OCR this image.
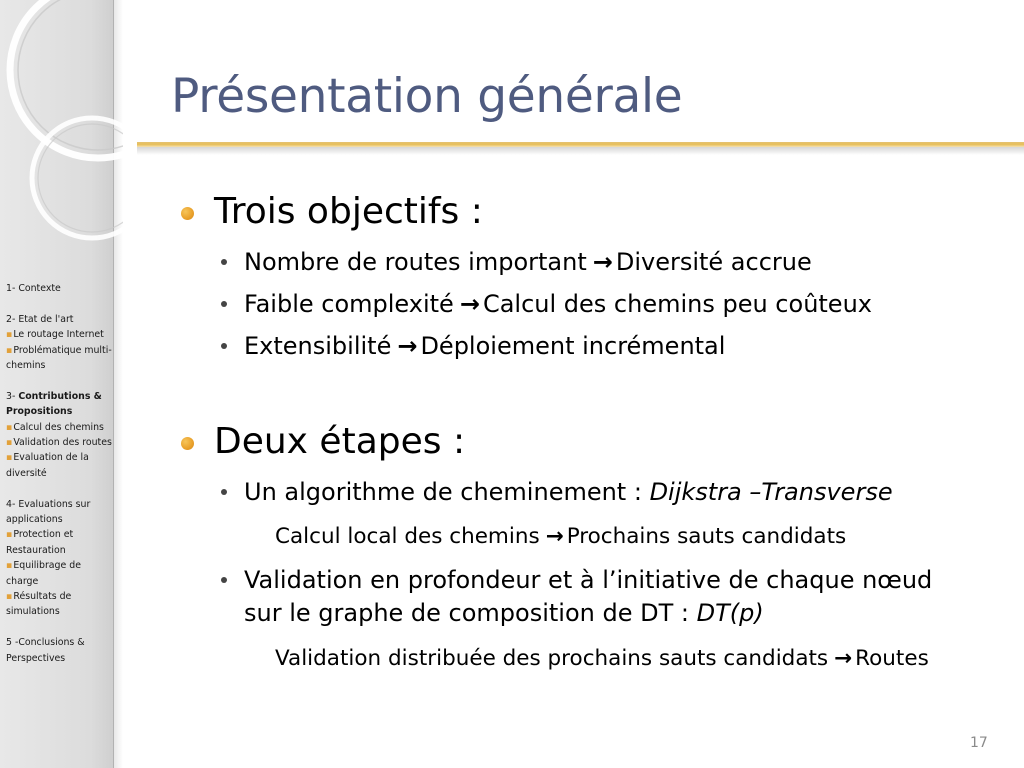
1- Contexte
2- Etat de l'art
▪Le routage Internet
▪Problématique multi-chemins
3- Contributions & Propositions
▪Calcul des chemins
▪Validation des routes
▪Evaluation de la diversité
4- Evaluations sur applications
▪Protection et Restauration
▪Equilibrage de charge
▪Résultats de simulations
5 -Conclusions & Perspectives
Présentation générale

Trois objectifs :

Nombre de routes important → Diversité accrue

Faible complexité → Calcul des chemins peu coûteux

Extensibilité → Déploiement incrémental

Deux étapes :

Un algorithme de cheminement : Dijkstra –Transverse

Calcul local des chemins → Prochains sauts candidats

Validation en profondeur et à l’initiative de chaque nœud

sur le graphe de composition de DT : DT(p)

Validation distribuée des prochains sauts candidats → Routes

17
